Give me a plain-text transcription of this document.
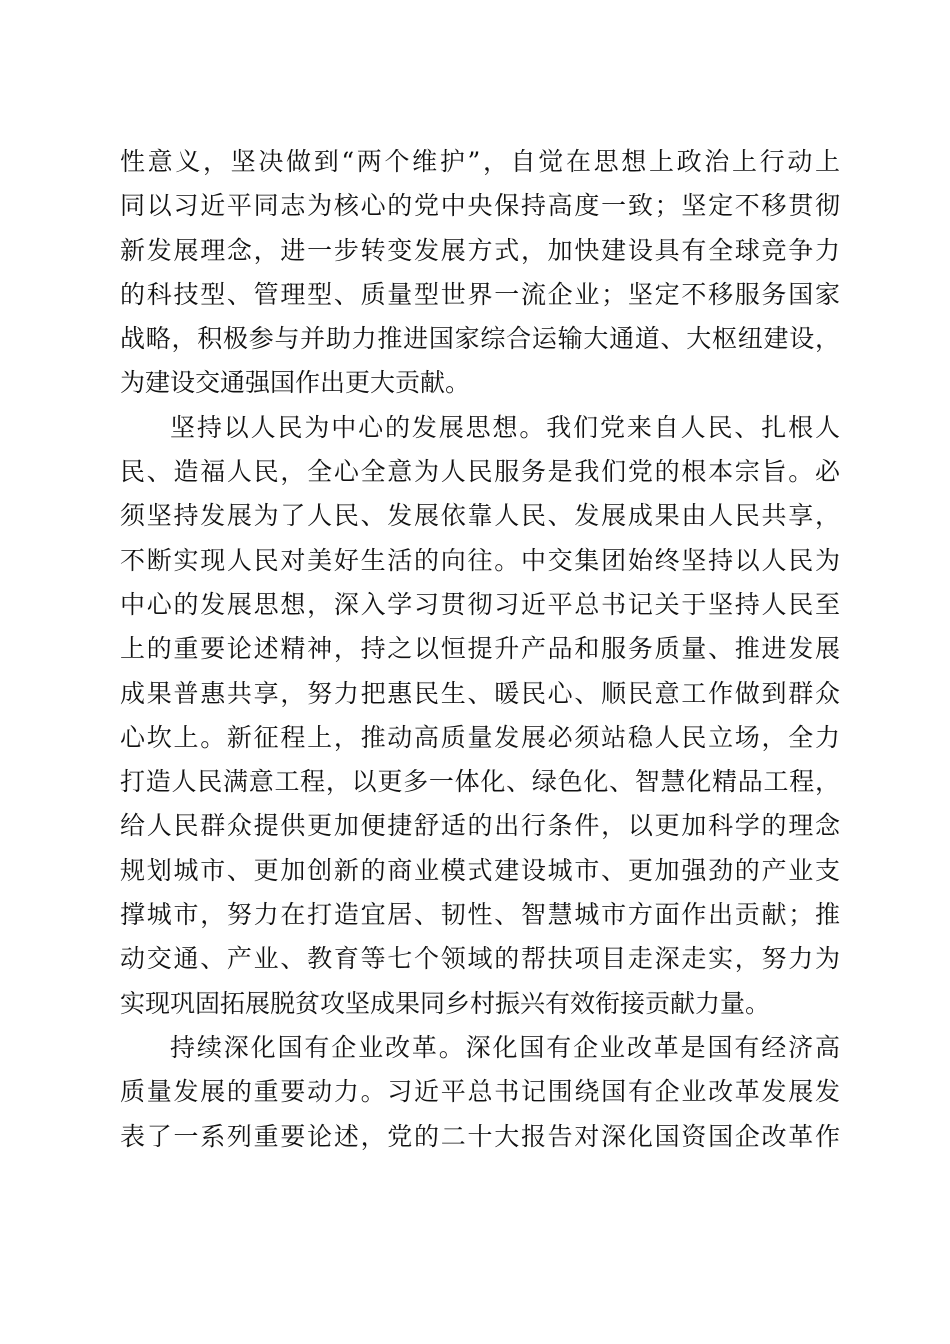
性意义，坚决做到“两个维护”，自觉在思想上政治上行动上
同以习近平同志为核心的党中央保持高度一致；坚定不移贯彻
新发展理念，进一步转变发展方式，加快建设具有全球竞争力
的科技型、管理型、质量型世界一流企业；坚定不移服务国家
战略，积极参与并助力推进国家综合运输大通道、大枢纽建设，
为建设交通强国作出更大贡献。
坚持以人民为中心的发展思想。我们党来自人民、扎根人
民、造福人民，全心全意为人民服务是我们党的根本宗旨。必
须坚持发展为了人民、发展依靠人民、发展成果由人民共享，
不断实现人民对美好生活的向往。中交集团始终坚持以人民为
中心的发展思想，深入学习贯彻习近平总书记关于坚持人民至
上的重要论述精神，持之以恒提升产品和服务质量、推进发展
成果普惠共享，努力把惠民生、暖民心、顺民意工作做到群众
心坎上。新征程上，推动高质量发展必须站稳人民立场，全力
打造人民满意工程，以更多一体化、绿色化、智慧化精品工程，
给人民群众提供更加便捷舒适的出行条件，以更加科学的理念
规划城市、更加创新的商业模式建设城市、更加强劲的产业支
撑城市，努力在打造宜居、韧性、智慧城市方面作出贡献；推
动交通、产业、教育等七个领域的帮扶项目走深走实，努力为
实现巩固拓展脱贫攻坚成果同乡村振兴有效衔接贡献力量。
持续深化国有企业改革。深化国有企业改革是国有经济高
质量发展的重要动力。习近平总书记围绕国有企业改革发展发
表了一系列重要论述，党的二十大报告对深化国资国企改革作
